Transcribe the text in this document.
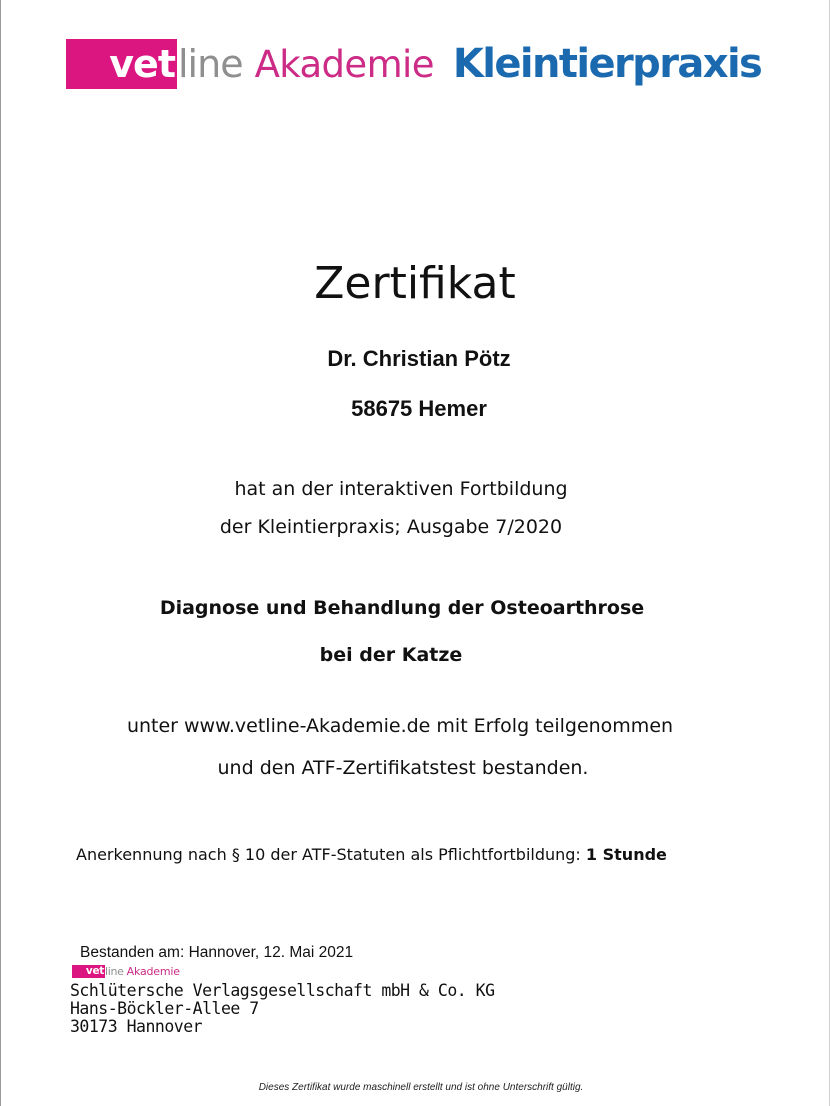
vet line Akademie Kleintierpraxis
Zertifikat
Dr. Christian Pötz
58675 Hemer
hat an der interaktiven Fortbildung
der Kleintierpraxis; Ausgabe 7/2020
Diagnose und Behandlung der Osteoarthrose
bei der Katze
unter www.vetline-Akademie.de mit Erfolg teilgenommen
und den ATF-Zertifikatstest bestanden.
Anerkennung nach § 10 der ATF-Statuten als Pflichtfortbildung: 1 Stunde
Bestanden am: Hannover, 12. Mai 2021
vet line Akademie
Schlütersche Verlagsgesellschaft mbH & Co. KG
Hans-Böckler-Allee 7
30173 Hannover
Dieses Zertifikat wurde maschinell erstellt und ist ohne Unterschrift gültig.
